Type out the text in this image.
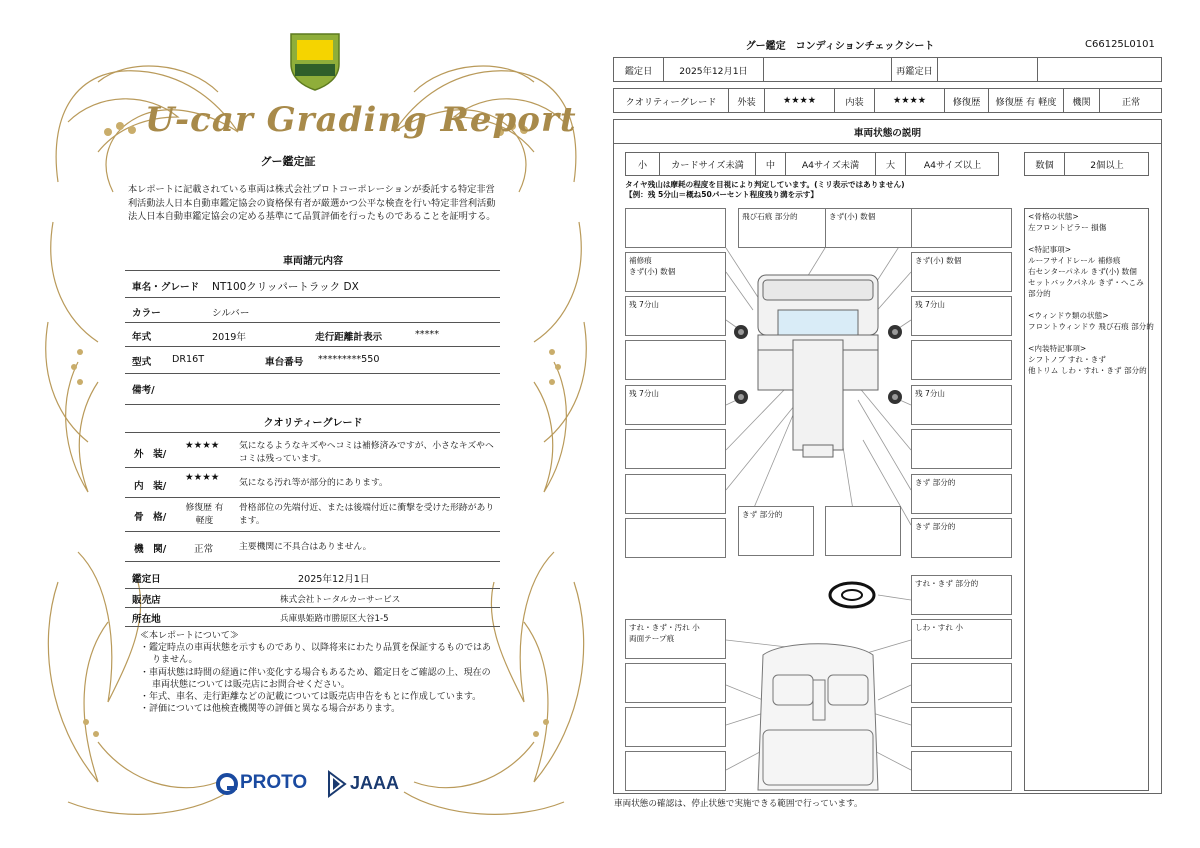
U-car Grading Report
グー鑑定証
本レポートに記載されている車両は株式会社プロトコーポレーションが委託する特定非営利活動法人日本自動車鑑定協会の資格保有者が厳選かつ公平な検査を行い特定非営利活動法人日本自動車鑑定協会の定める基準にて品質評価を行ったものであることを証明する。
車両諸元内容
車名・グレード NT100クリッパートラック DX
カラー	シルバー
年式	2019年	走行距離計表示	*****
型式 DR16T	車台番号 *********550
備考/
クオリティーグレード
外　装/
★★★★ 気になるようなキズやヘコミは補修済みですが、小さなキズやヘコミは残っています。
内　装/
★★★★ 気になる汚れ等が部分的にあります。
骨　格/
修復歴 有 軽度
骨格部位の先端付近、または後端付近に衝撃を受けた形跡があります。
機　関/	正常	主要機関に不具合はありません。
鑑定日	2025年12月1日
販売店	株式会社トータルカーサービス
所在地	兵庫県姫路市勝原区大谷1-5
≪本レポートについて≫
・鑑定時点の車両状態を示すものであり、以降将来にわたり品質を保証するものではありません。
・車両状態は時間の経過に伴い変化する場合もあるため、鑑定日をご確認の上、現在の車両状態については販売店にお問合せください。
・年式、車名、走行距離などの記載については販売店申告をもとに作成しています。
・評価については他検査機関等の評価と異なる場合があります。
PROTO JAAA
グー鑑定　コンディションチェックシート	C66125L0101
鑑定日	2025年12月1日	再鑑定日
クオリティーグレード	外装	★★★★	内装	★★★★	修復歴	修復歴 有 軽度	機関	正常
車両状態の説明
小	カードサイズ未満	中	A4サイズ未満	大	A4サイズ以上	数個	2個以上
タイヤ残山は摩耗の程度を目視により判定しています。(ミリ表示ではありません)
【例：残 5分山＝概ね50パーセント程度残り溝を示す】
飛び石痕 部分的	きず(小) 数個
補修痕
きず(小) 数個
きず(小) 数個
残 7分山	残 7分山
残 7分山	残 7分山
きず 部分的
きず 部分的
きず 部分的
すれ・きず 部分的
すれ・きず・汚れ 小
両面テープ痕
しわ・すれ 小
<骨格の状態>
左フロントピラー 損傷
<特記事項>
ルーフサイドレール 補修痕
右センターパネル きず(小) 数個
セットバックパネル きず・へこみ
部分的
<ウィンドウ類の状態>
フロントウィンドウ 飛び石痕 部分的
<内装特記事項>
シフトノブ すれ・きず
他トリム しわ・すれ・きず 部分的
車両状態の確認は、停止状態で実施できる範囲で行っています。
